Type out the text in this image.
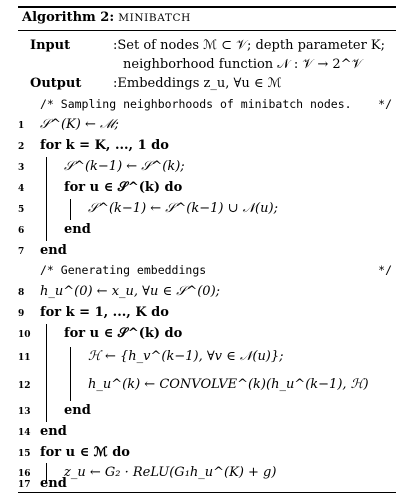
Algorithm 2: MINIBATCH
Input	:Set of nodes ℳ ⊂ 𝒱; depth parameter K;
neighborhood function 𝒩 : 𝒱 → 2^𝒱
Output :Embeddings z_u, ∀u ∈ ℳ
/* Sampling neighborhoods of minibatch nodes. */
1	𝒮^(K) ← ℳ;
2	for k = K, ..., 1 do
3	𝒮^(k−1) ← 𝒮^(k);
4	for u ∈ 𝒮^(k) do
5	𝒮^(k−1) ← 𝒮^(k−1) ∪ 𝒩(u);
6	end
7	end
/* Generating embeddings	*/
8	h_u^(0) ← x_u, ∀u ∈ 𝒮^(0);
9	for k = 1, ..., K do
10	for u ∈ 𝒮^(k) do
11	ℋ ← {h_v^(k−1), ∀v ∈ 𝒩(u)};
12	h_u^(k) ← CONVOLVE^(k)(h_u^(k−1), ℋ)
13	end
14 end
15 for u ∈ ℳ do
16	z_u ← G₂ · ReLU(G₁h_u^(K) + g)
17 end
